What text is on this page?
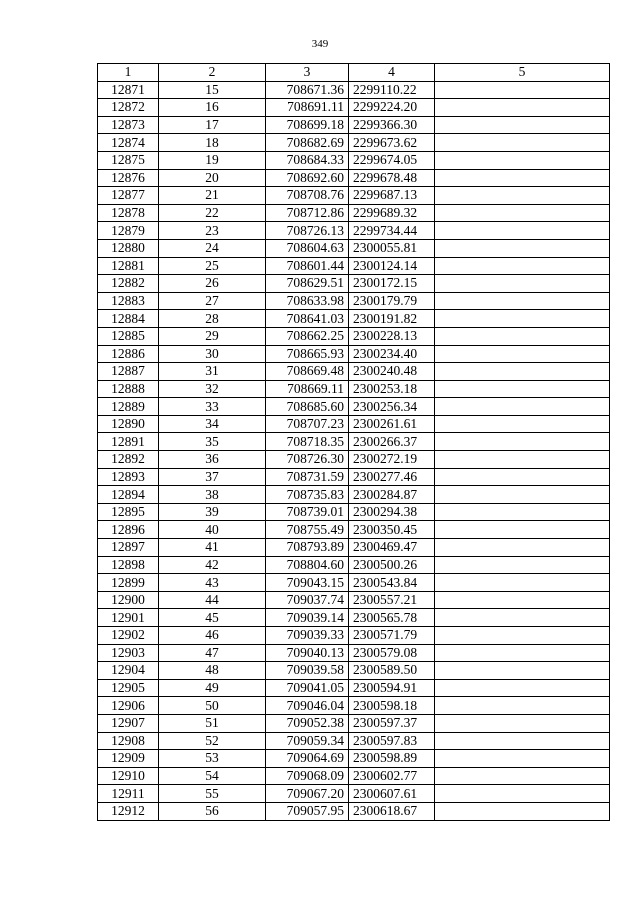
349
1	2	3	4	5
12871	15	708671.36	2299110.22	
12872	16	708691.11	2299224.20	
12873	17	708699.18	2299366.30	
12874	18	708682.69	2299673.62	
12875	19	708684.33	2299674.05	
12876	20	708692.60	2299678.48	
12877	21	708708.76	2299687.13	
12878	22	708712.86	2299689.32	
12879	23	708726.13	2299734.44	
12880	24	708604.63	2300055.81	
12881	25	708601.44	2300124.14	
12882	26	708629.51	2300172.15	
12883	27	708633.98	2300179.79	
12884	28	708641.03	2300191.82	
12885	29	708662.25	2300228.13	
12886	30	708665.93	2300234.40	
12887	31	708669.48	2300240.48	
12888	32	708669.11	2300253.18	
12889	33	708685.60	2300256.34	
12890	34	708707.23	2300261.61	
12891	35	708718.35	2300266.37	
12892	36	708726.30	2300272.19	
12893	37	708731.59	2300277.46	
12894	38	708735.83	2300284.87	
12895	39	708739.01	2300294.38	
12896	40	708755.49	2300350.45	
12897	41	708793.89	2300469.47	
12898	42	708804.60	2300500.26	
12899	43	709043.15	2300543.84	
12900	44	709037.74	2300557.21	
12901	45	709039.14	2300565.78	
12902	46	709039.33	2300571.79	
12903	47	709040.13	2300579.08	
12904	48	709039.58	2300589.50	
12905	49	709041.05	2300594.91	
12906	50	709046.04	2300598.18	
12907	51	709052.38	2300597.37	
12908	52	709059.34	2300597.83	
12909	53	709064.69	2300598.89	
12910	54	709068.09	2300602.77	
12911	55	709067.20	2300607.61	
12912	56	709057.95	2300618.67	
